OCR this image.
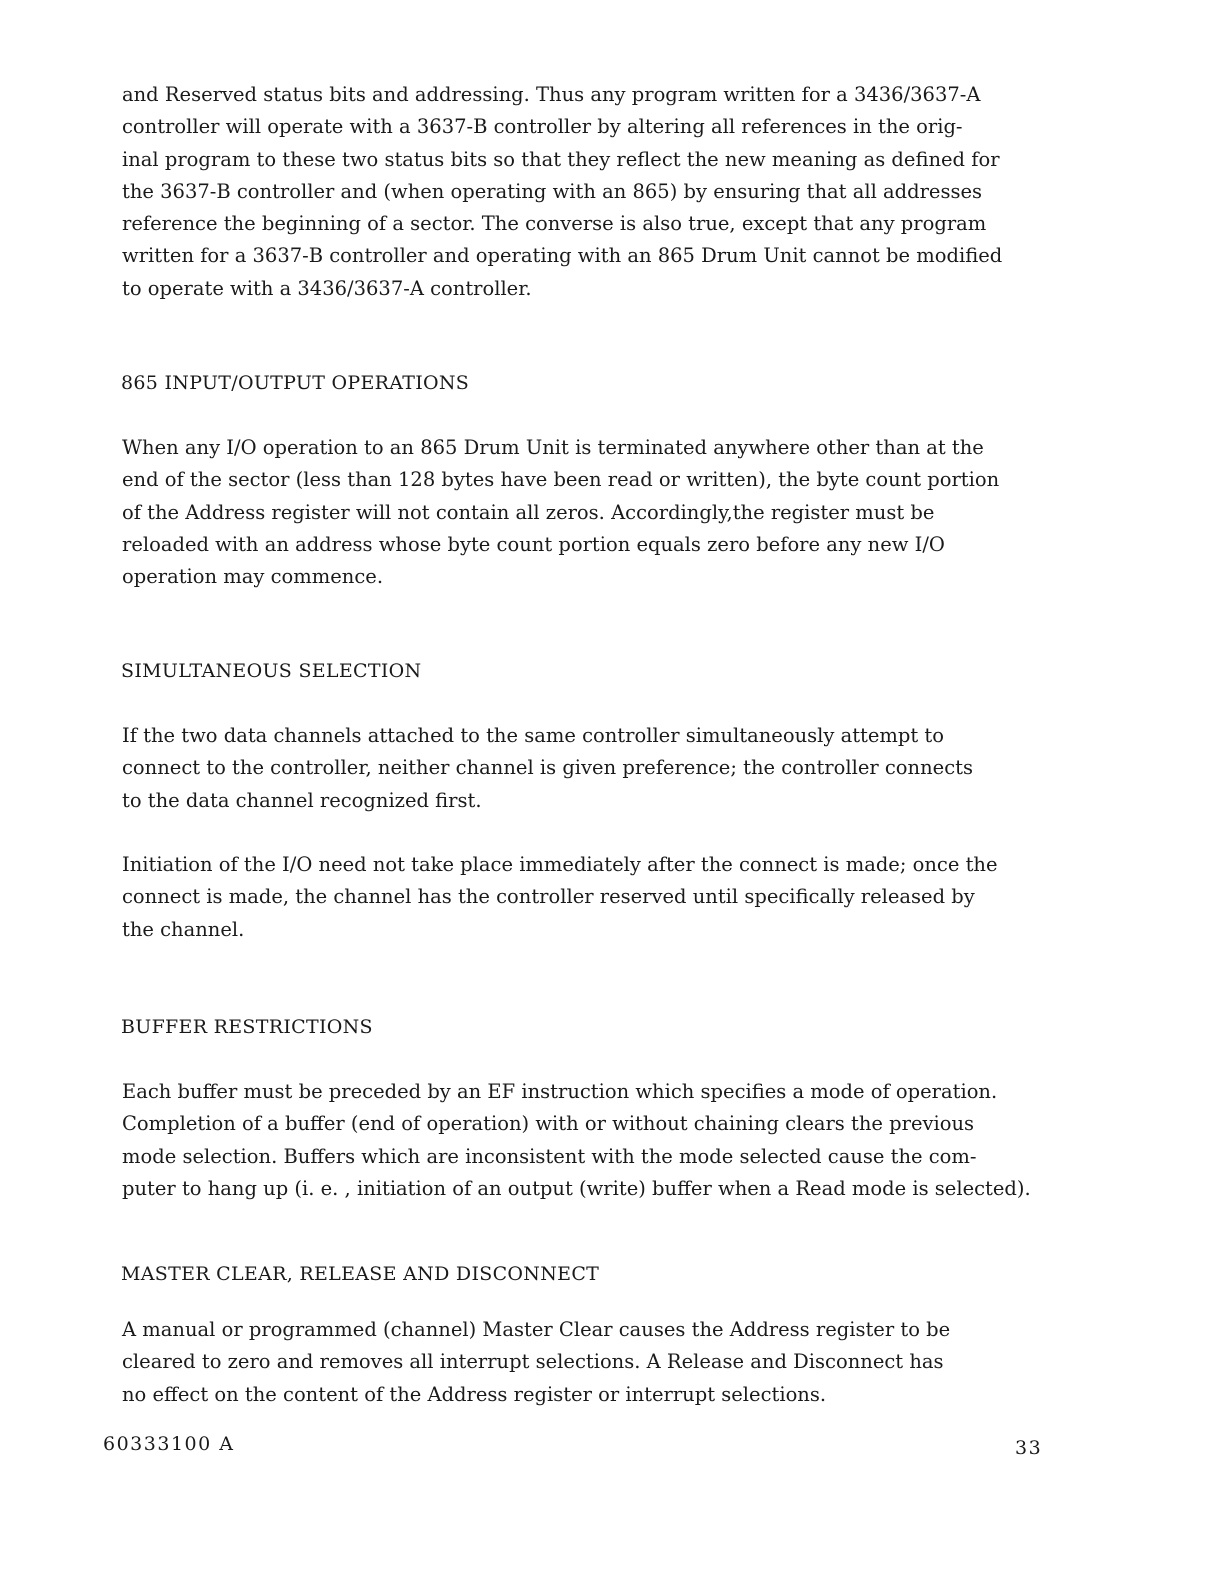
and Reserved status bits and addressing. Thus any program written for a 3436/3637-A
controller will operate with a 3637-B controller by altering all references in the orig-
inal program to these two status bits so that they reflect the new meaning as defined for
the 3637-B controller and (when operating with an 865) by ensuring that all addresses
reference the beginning of a sector. The converse is also true, except that any program
written for a 3637-B controller and operating with an 865 Drum Unit cannot be modified
to operate with a 3436/3637-A controller.
865 INPUT/OUTPUT OPERATIONS
When any I/O operation to an 865 Drum Unit is terminated anywhere other than at the
end of the sector (less than 128 bytes have been read or written), the byte count portion
of the Address register will not contain all zeros. Accordingly,the register must be
reloaded with an address whose byte count portion equals zero before any new I/O
operation may commence.
SIMULTANEOUS SELECTION
If the two data channels attached to the same controller simultaneously attempt to
connect to the controller, neither channel is given preference; the controller connects
to the data channel recognized first.
Initiation of the I/O need not take place immediately after the connect is made; once the
connect is made, the channel has the controller reserved until specifically released by
the channel.
BUFFER RESTRICTIONS
Each buffer must be preceded by an EF instruction which specifies a mode of operation.
Completion of a buffer (end of operation) with or without chaining clears the previous
mode selection. Buffers which are inconsistent with the mode selected cause the com-
puter to hang up (i. e. , initiation of an output (write) buffer when a Read mode is selected).
MASTER CLEAR, RELEASE AND DISCONNECT
A manual or programmed (channel) Master Clear causes the Address register to be
cleared to zero and removes all interrupt selections. A Release and Disconnect has
no effect on the content of the Address register or interrupt selections.
60333100 A	33
